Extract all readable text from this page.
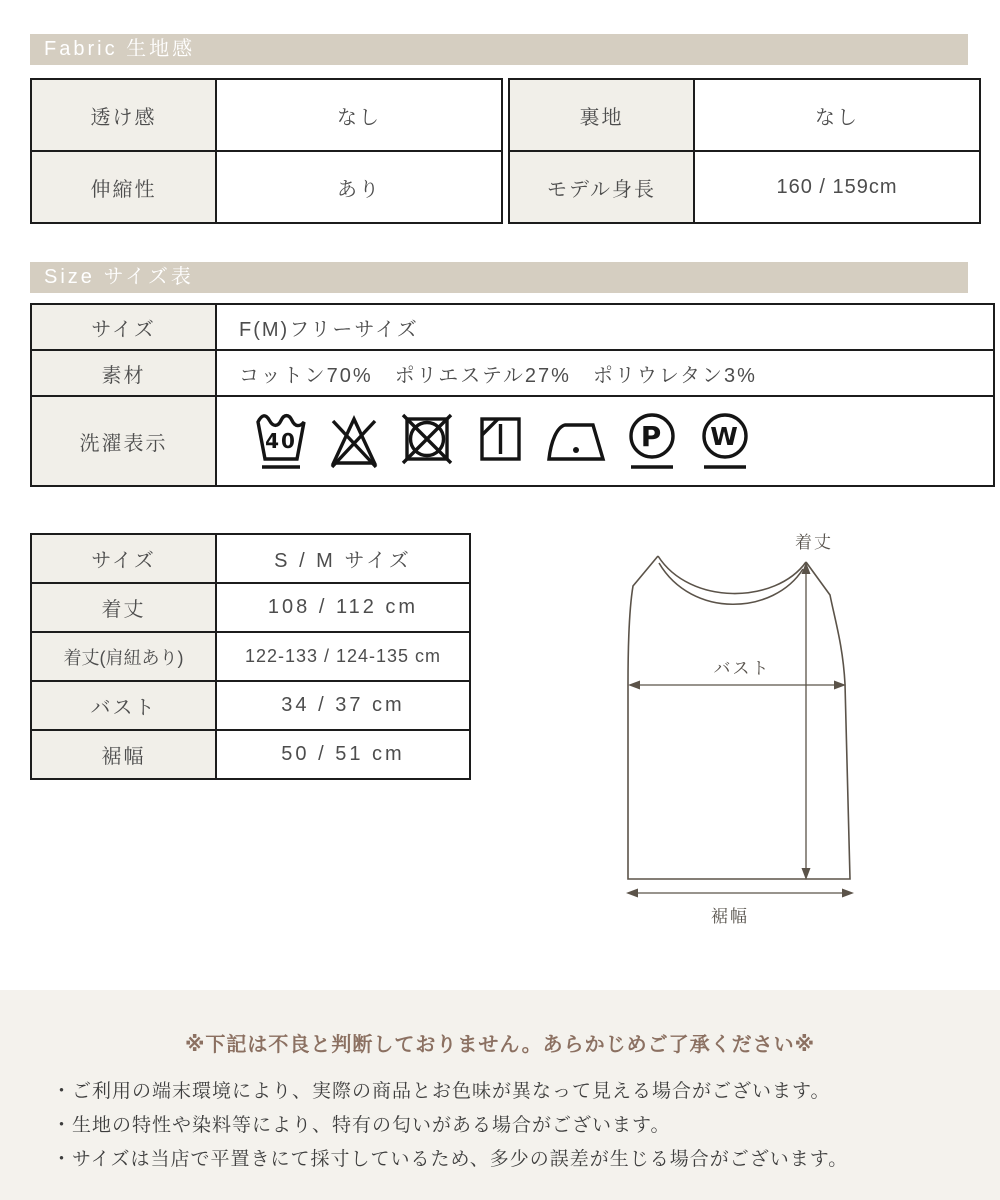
Fabric 生地感
透け感	なし
伸縮性	あり
裏地	なし
モデル身長	160 / 159cm
Size サイズ表
サイズ	F(M)フリーサイズ
素材	コットン70%　ポリエステル27%　ポリウレタン3%
洗濯表示	40 P W
サイズ	S / M サイズ
着丈	108 / 112 cm
着丈(肩紐あり)	122-133 / 124-135 cm
バスト	34 / 37 cm
裾幅	50 / 51 cm
着丈
バスト
裾幅
※下記は不良と判断しておりません。あらかじめご了承ください※
・ご利用の端末環境により、実際の商品とお色味が異なって見える場合がございます。
・生地の特性や染料等により、特有の匂いがある場合がございます。
・サイズは当店で平置きにて採寸しているため、多少の誤差が生じる場合がございます。
